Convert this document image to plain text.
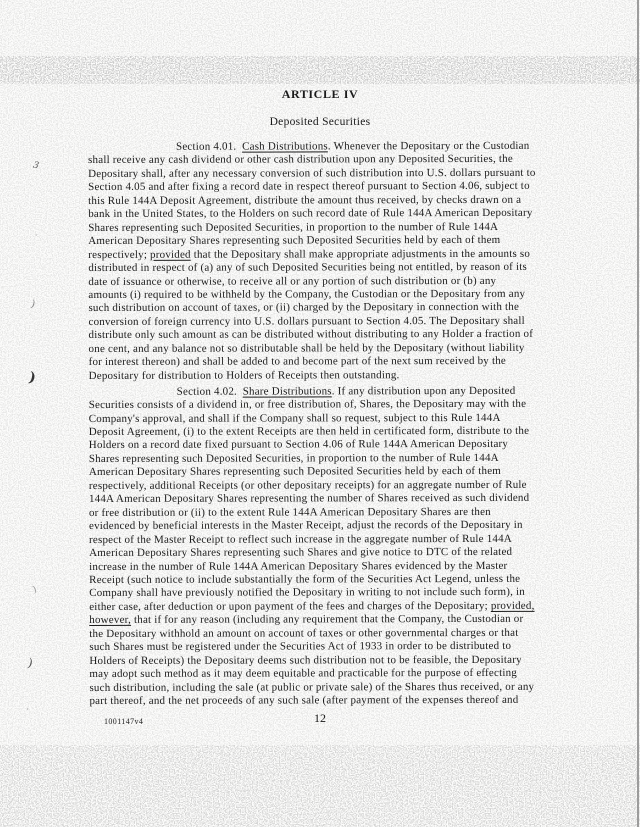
ARTICLE IV
Deposited Securities
Section 4.01. Cash Distributions. Whenever the Depositary or the Custodian
shall receive any cash dividend or other cash distribution upon any Deposited Securities, the
Depositary shall, after any necessary conversion of such distribution into U.S. dollars pursuant to
Section 4.05 and after fixing a record date in respect thereof pursuant to Section 4.06, subject to
this Rule 144A Deposit Agreement, distribute the amount thus received, by checks drawn on a
bank in the United States, to the Holders on such record date of Rule 144A American Depositary
Shares representing such Deposited Securities, in proportion to the number of Rule 144A
American Depositary Shares representing such Deposited Securities held by each of them
respectively; provided that the Depositary shall make appropriate adjustments in the amounts so
distributed in respect of (a) any of such Deposited Securities being not entitled, by reason of its
date of issuance or otherwise, to receive all or any portion of such distribution or (b) any
amounts (i) required to be withheld by the Company, the Custodian or the Depositary from any
such distribution on account of taxes, or (ii) charged by the Depositary in connection with the
conversion of foreign currency into U.S. dollars pursuant to Section 4.05. The Depositary shall
distribute only such amount as can be distributed without distributing to any Holder a fraction of
one cent, and any balance not so distributable shall be held by the Depositary (without liability
for interest thereon) and shall be added to and become part of the next sum received by the
Depositary for distribution to Holders of Receipts then outstanding.
Section 4.02. Share Distributions. If any distribution upon any Deposited
Securities consists of a dividend in, or free distribution of, Shares, the Depositary may with the
Company's approval, and shall if the Company shall so request, subject to this Rule 144A
Deposit Agreement, (i) to the extent Receipts are then held in certificated form, distribute to the
Holders on a record date fixed pursuant to Section 4.06 of Rule 144A American Depositary
Shares representing such Deposited Securities, in proportion to the number of Rule 144A
American Depositary Shares representing such Deposited Securities held by each of them
respectively, additional Receipts (or other depositary receipts) for an aggregate number of Rule
144A American Depositary Shares representing the number of Shares received as such dividend
or free distribution or (ii) to the extent Rule 144A American Depositary Shares are then
evidenced by beneficial interests in the Master Receipt, adjust the records of the Depositary in
respect of the Master Receipt to reflect such increase in the aggregate number of Rule 144A
American Depositary Shares representing such Shares and give notice to DTC of the related
increase in the number of Rule 144A American Depositary Shares evidenced by the Master
Receipt (such notice to include substantially the form of the Securities Act Legend, unless the
Company shall have previously notified the Depositary in writing to not include such form), in
either case, after deduction or upon payment of the fees and charges of the Depositary; provided,
however, that if for any reason (including any requirement that the Company, the Custodian or
the Depositary withhold an amount on account of taxes or other governmental charges or that
such Shares must be registered under the Securities Act of 1933 in order to be distributed to
Holders of Receipts) the Depositary deems such distribution not to be feasible, the Depositary
may adopt such method as it may deem equitable and practicable for the purpose of effecting
such distribution, including the sale (at public or private sale) of the Shares thus received, or any
part thereof, and the net proceeds of any such sale (after payment of the expenses thereof and
1001147v4	12
3
·
)
)
)
)
·
·
